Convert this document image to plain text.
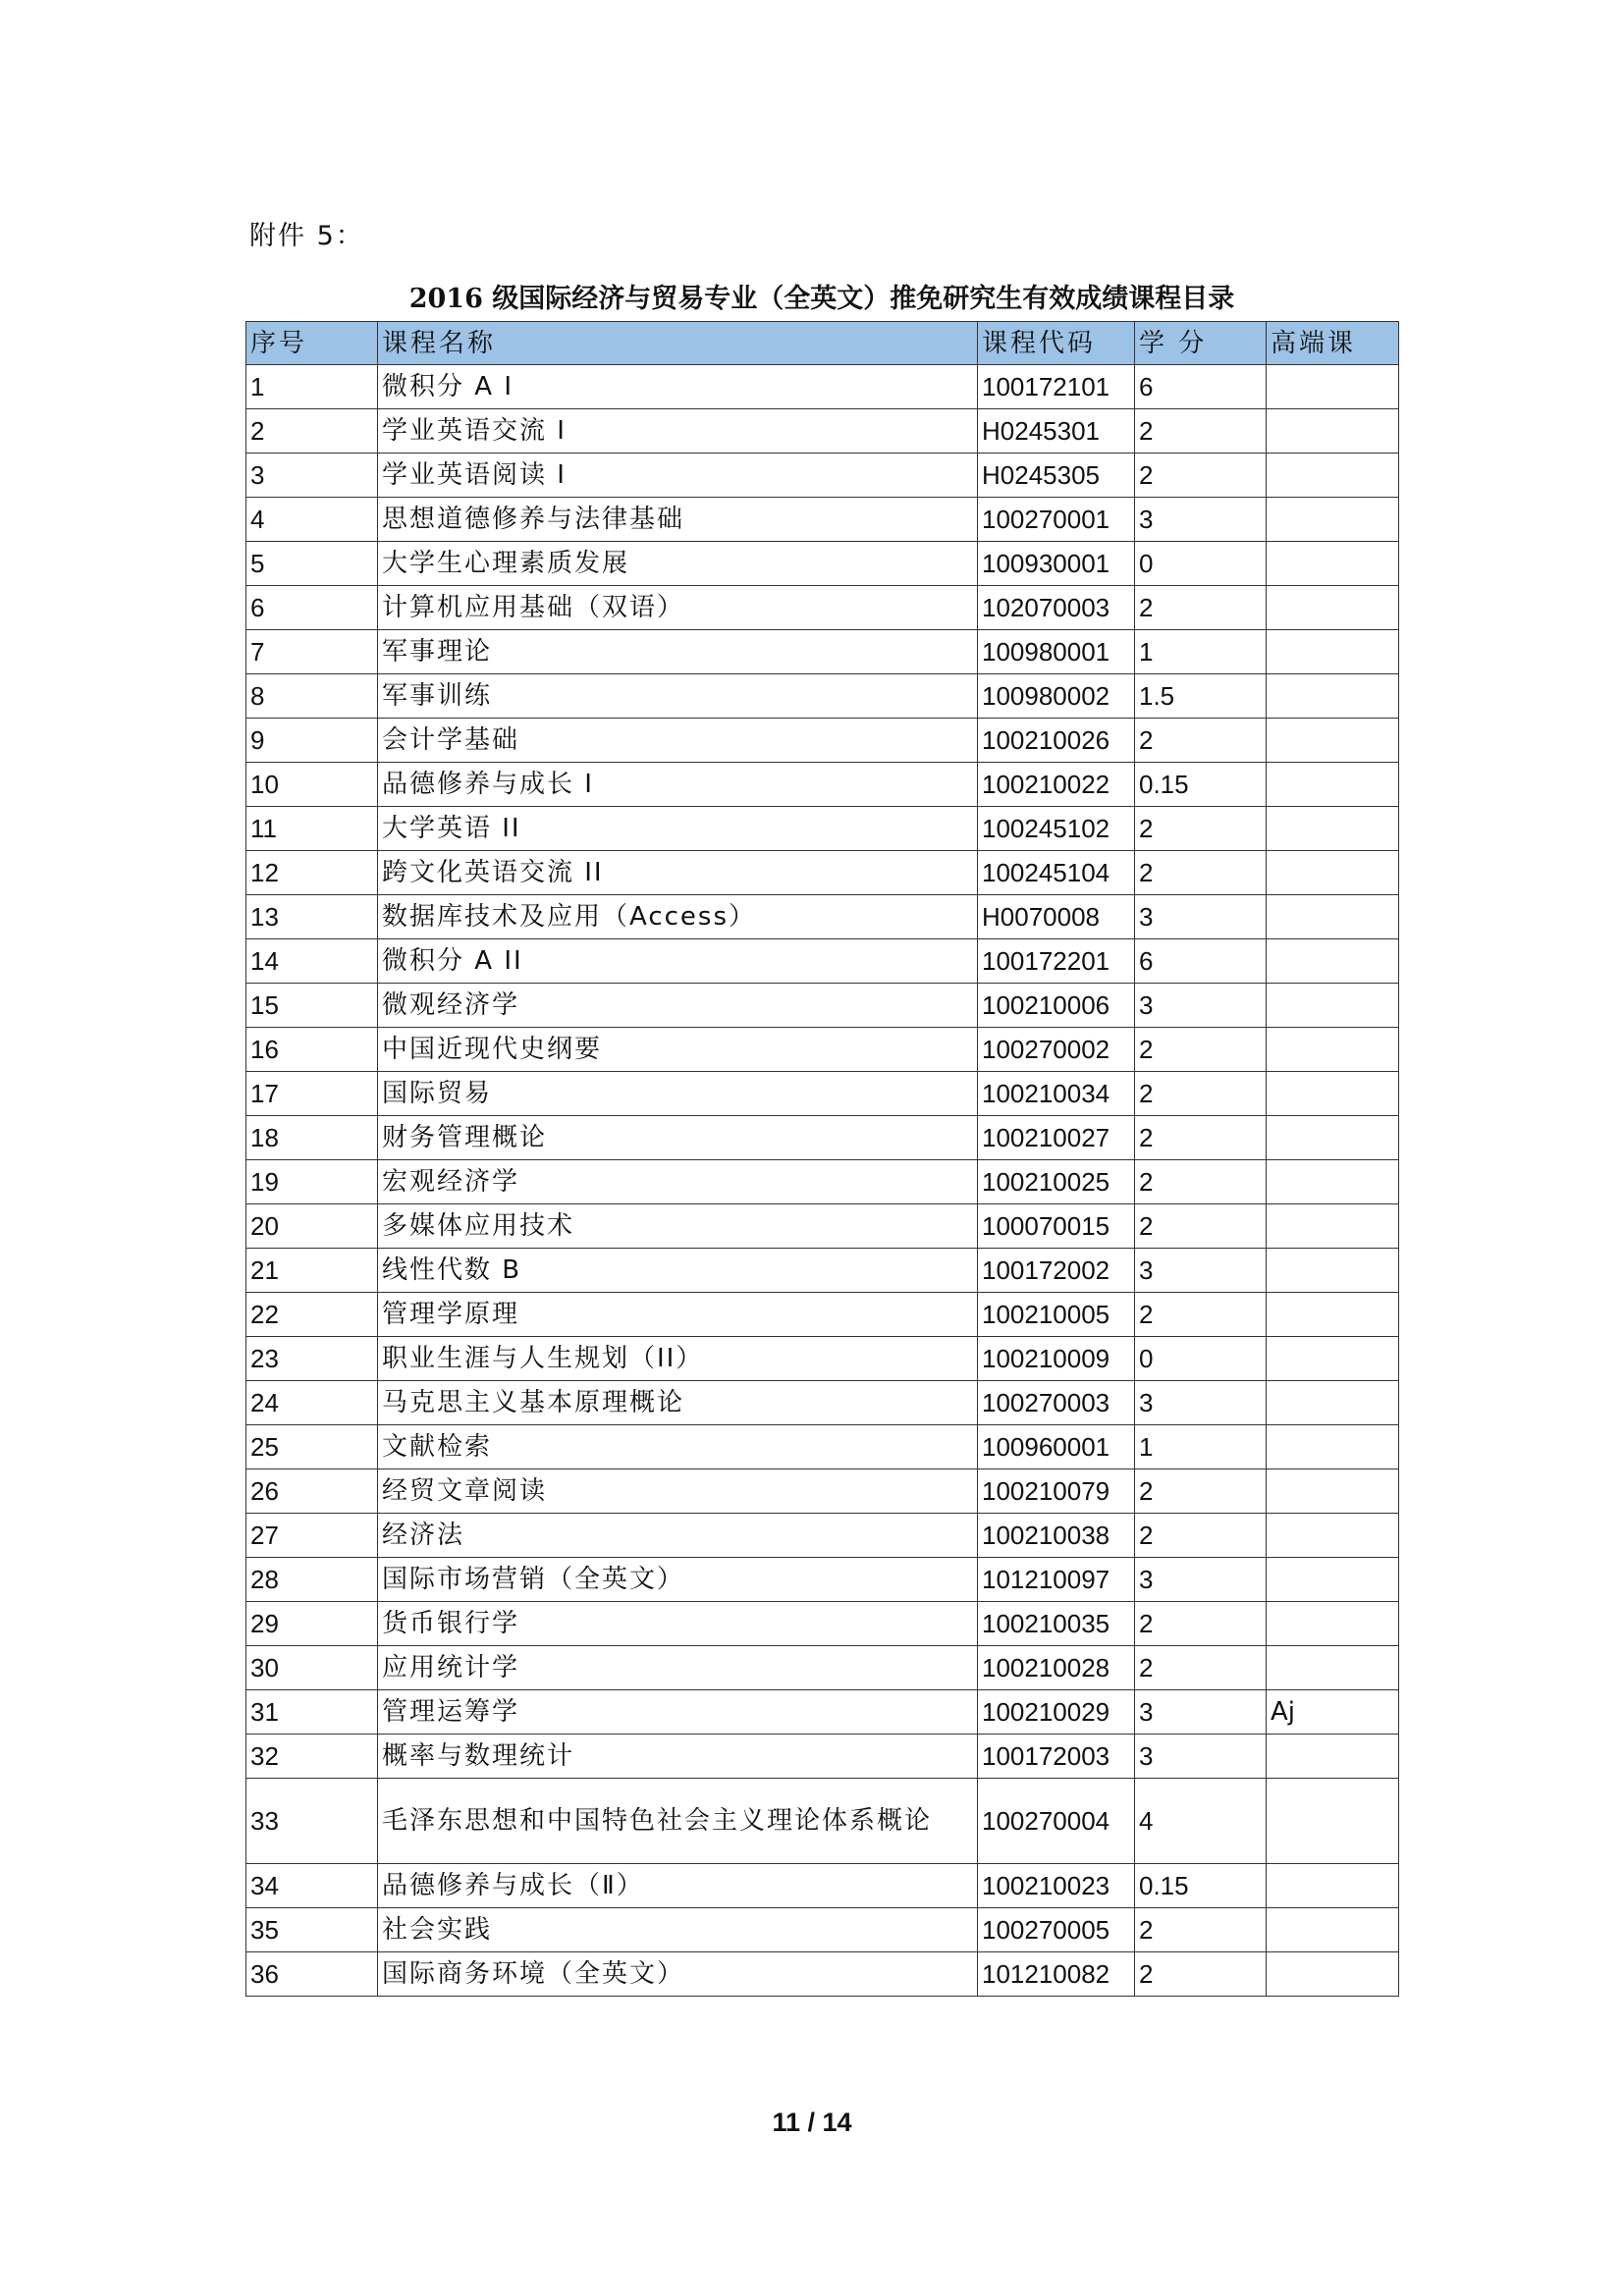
附件 5：
2016 级国际经济与贸易专业（全英文）推免研究生有效成绩课程目录
序号	课程名称	课程代码	学 分	高端课
1	微积分 A I	100172101	6	
2	学业英语交流 I	H0245301	2	
3	学业英语阅读 I	H0245305	2	
4	思想道德修养与法律基础	100270001	3	
5	大学生心理素质发展	100930001	0	
6	计算机应用基础（双语）	102070003	2	
7	军事理论	100980001	1	
8	军事训练	100980002	1.5	
9	会计学基础	100210026	2	
10	品德修养与成长 I	100210022	0.15	
11	大学英语 II	100245102	2	
12	跨文化英语交流 II	100245104	2	
13	数据库技术及应用（Access）	H0070008	3	
14	微积分 A II	100172201	6	
15	微观经济学	100210006	3	
16	中国近现代史纲要	100270002	2	
17	国际贸易	100210034	2	
18	财务管理概论	100210027	2	
19	宏观经济学	100210025	2	
20	多媒体应用技术	100070015	2	
21	线性代数 B	100172002	3	
22	管理学原理	100210005	2	
23	职业生涯与人生规划（II）	100210009	0	
24	马克思主义基本原理概论	100270003	3	
25	文献检索	100960001	1	
26	经贸文章阅读	100210079	2	
27	经济法	100210038	2	
28	国际市场营销（全英文）	101210097	3	
29	货币银行学	100210035	2	
30	应用统计学	100210028	2	
31	管理运筹学	100210029	3	Aj
32	概率与数理统计	100172003	3	
33	毛泽东思想和中国特色社会主义理论体系概论	100270004	4	
34	品德修养与成长（Ⅱ）	100210023	0.15	
35	社会实践	100270005	2	
36	国际商务环境（全英文）	101210082	2	
11 / 14
